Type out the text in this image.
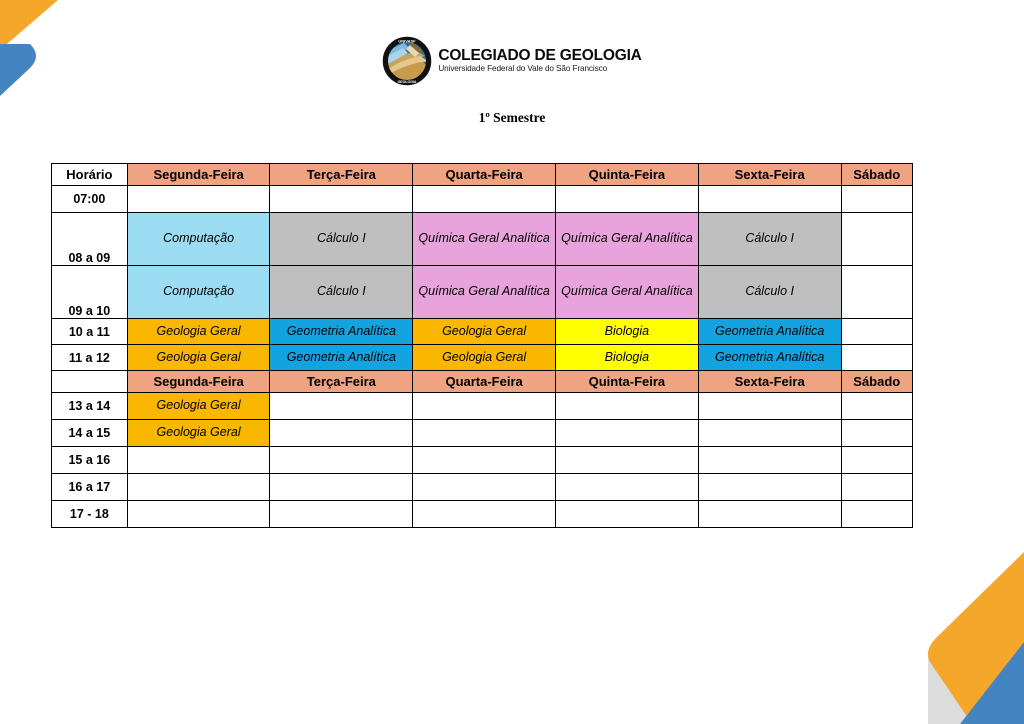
UNIVASF
GEOLOGIA
COLEGIADO DE GEOLOGIA
Universidade Federal do Vale do São Francisco
1º Semestre
Horário	Segunda-Feira	Terça-Feira	Quarta-Feira	Quinta-Feira	Sexta-Feira	Sábado
07:00						
08 a 09	Computação	Cálculo I	Química Geral Analítica	Química Geral Analítica	Cálculo I	
09 a 10	Computação	Cálculo I	Química Geral Analítica	Química Geral Analítica	Cálculo I	
10 a 11	Geologia Geral	Geometria Analítica	Geologia Geral	Biologia	Geometria Analítica	
11 a 12	Geologia Geral	Geometria Analítica	Geologia Geral	Biologia	Geometria Analítica	
	Segunda-Feira	Terça-Feira	Quarta-Feira	Quinta-Feira	Sexta-Feira	Sábado
13 a 14	Geologia Geral					
14 a 15	Geologia Geral					
15 a 16						
16 a 17						
17 - 18						
